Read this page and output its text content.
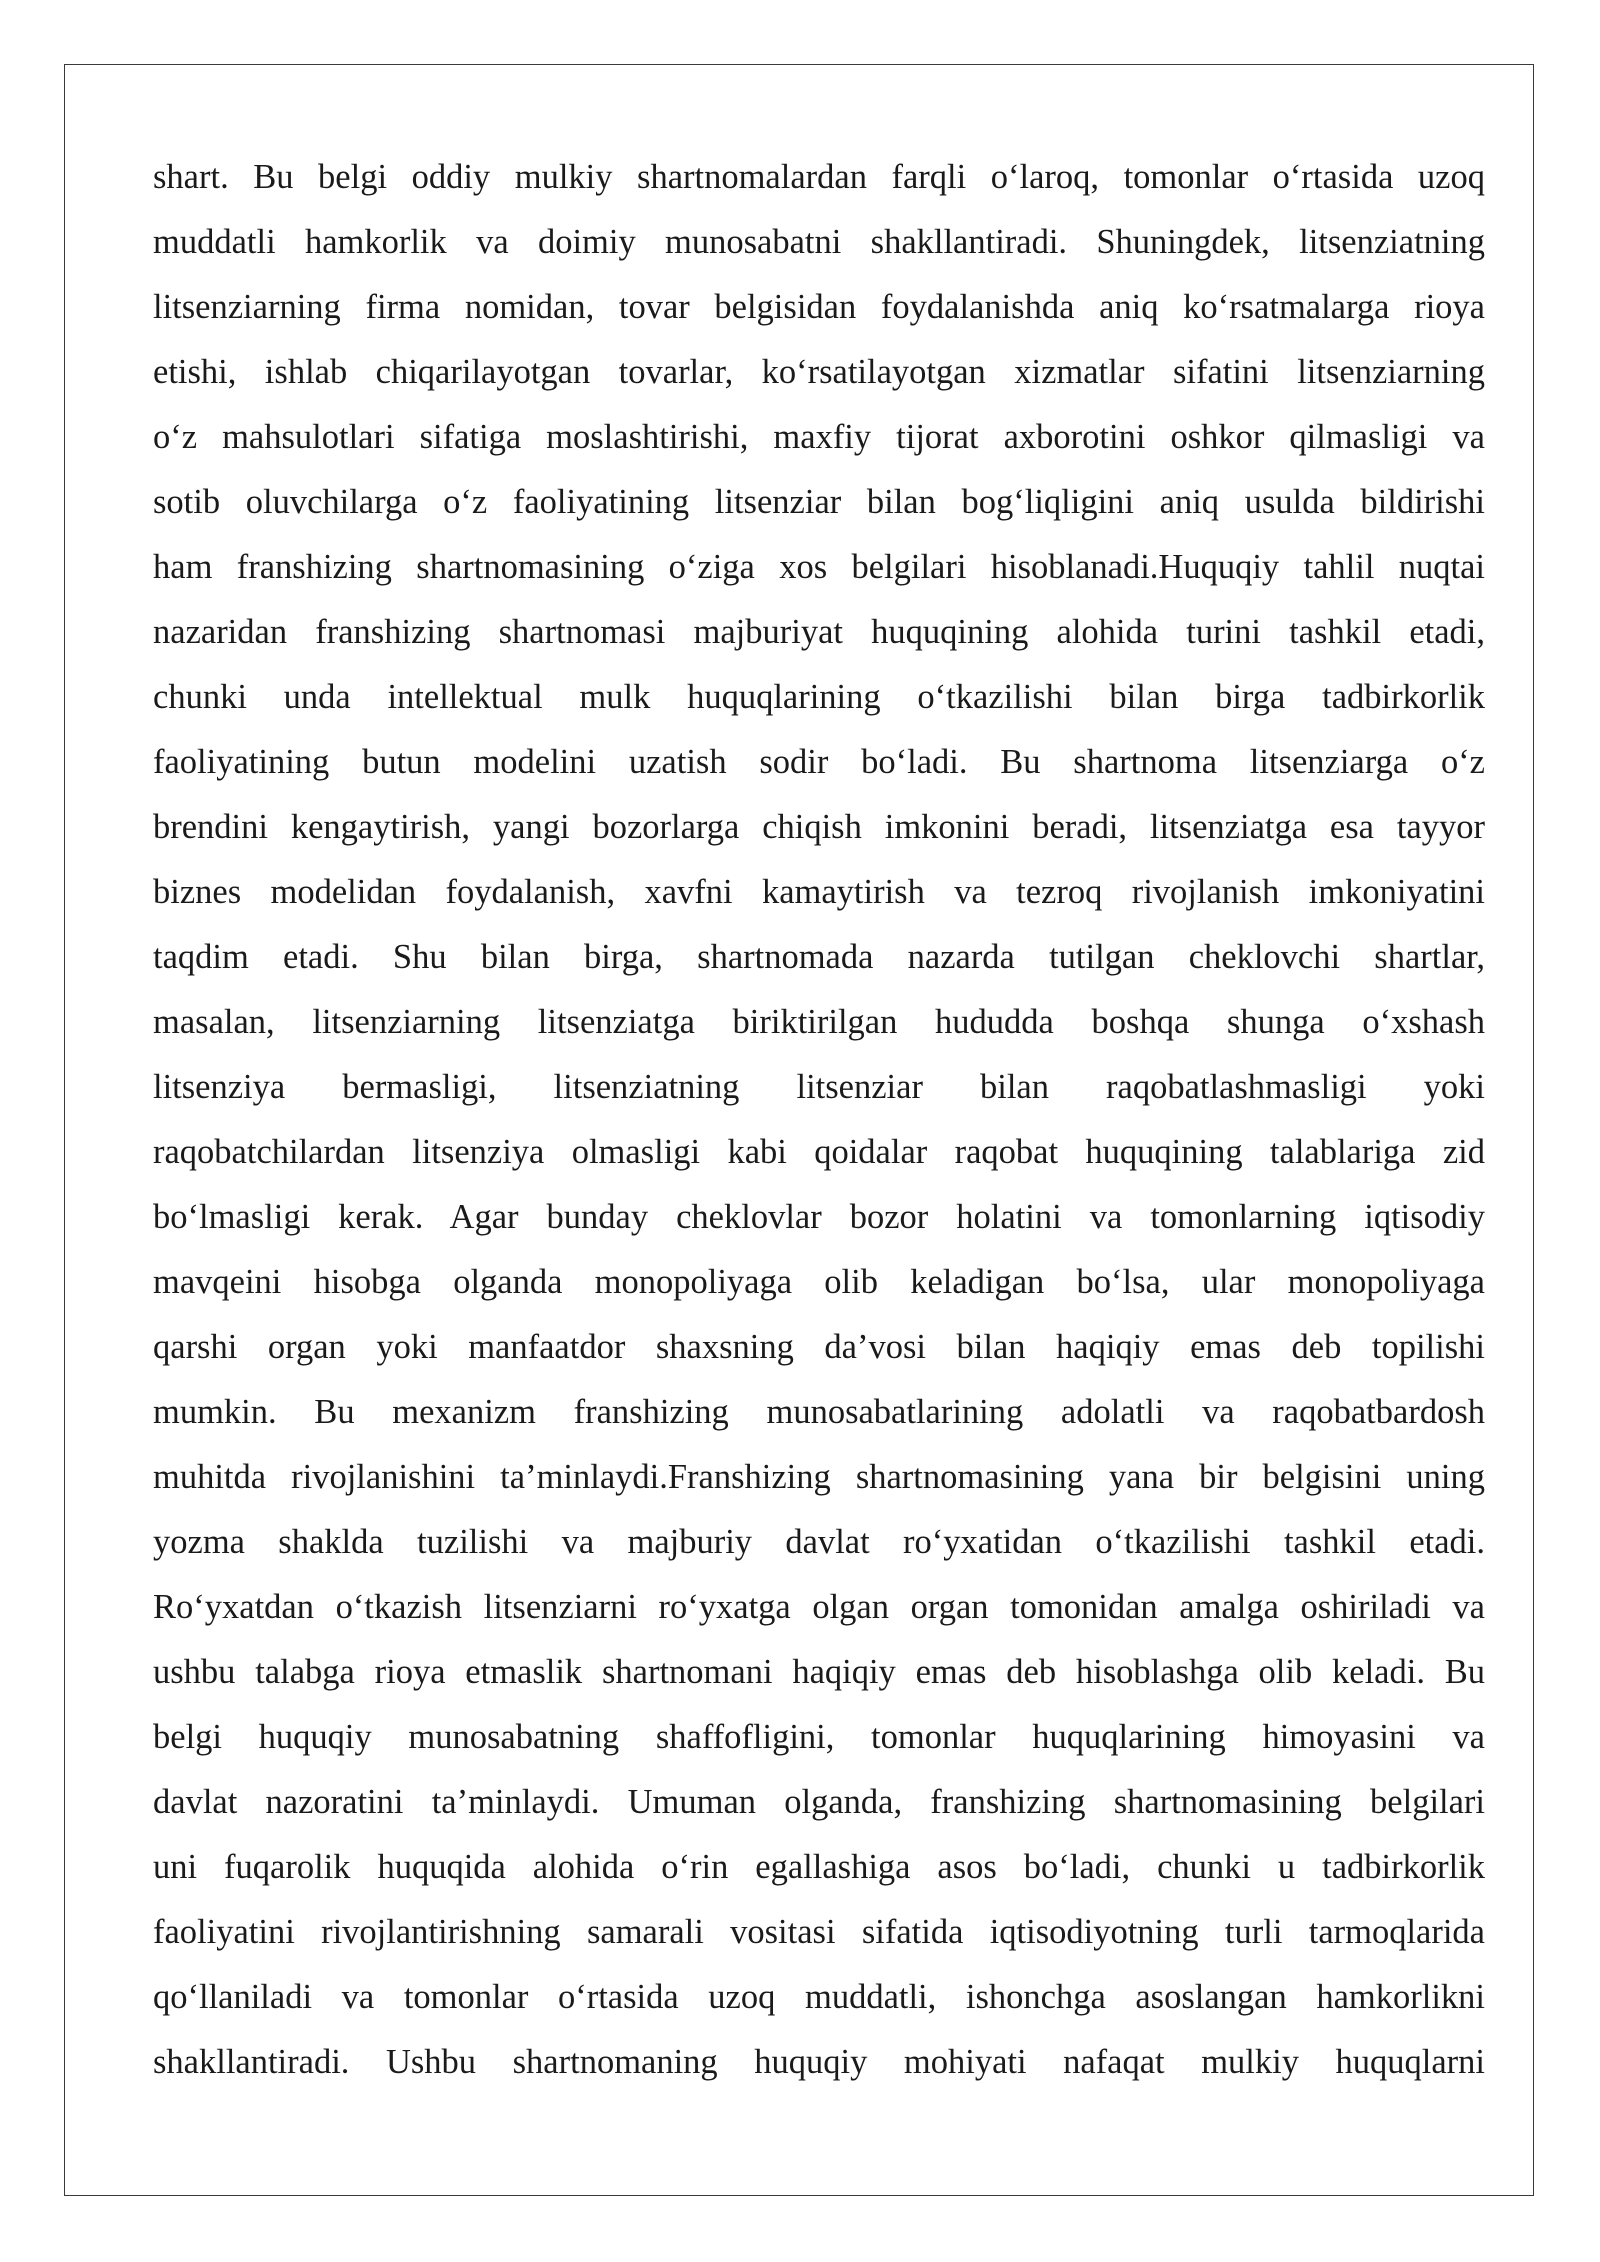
shart. Bu belgi oddiy mulkiy shartnomalardan farqli o‘laroq, tomonlar o‘rtasida uzoq
muddatli hamkorlik va doimiy munosabatni shakllantiradi. Shuningdek, litsenziatning
litsenziarning firma nomidan, tovar belgisidan foydalanishda aniq ko‘rsatmalarga rioya
etishi, ishlab chiqarilayotgan tovarlar, ko‘rsatilayotgan xizmatlar sifatini litsenziarning
o‘z mahsulotlari sifatiga moslashtirishi, maxfiy tijorat axborotini oshkor qilmasligi va
sotib oluvchilarga o‘z faoliyatining litsenziar bilan bog‘liqligini aniq usulda bildirishi
ham franshizing shartnomasining o‘ziga xos belgilari hisoblanadi.Huquqiy tahlil nuqtai
nazaridan franshizing shartnomasi majburiyat huquqining alohida turini tashkil etadi,
chunki unda intellektual mulk huquqlarining o‘tkazilishi bilan birga tadbirkorlik
faoliyatining butun modelini uzatish sodir bo‘ladi. Bu shartnoma litsenziarga o‘z
brendini kengaytirish, yangi bozorlarga chiqish imkonini beradi, litsenziatga esa tayyor
biznes modelidan foydalanish, xavfni kamaytirish va tezroq rivojlanish imkoniyatini
taqdim etadi. Shu bilan birga, shartnomada nazarda tutilgan cheklovchi shartlar,
masalan, litsenziarning litsenziatga biriktirilgan hududda boshqa shunga o‘xshash
litsenziya bermasligi, litsenziatning litsenziar bilan raqobatlashmasligi yoki
raqobatchilardan litsenziya olmasligi kabi qoidalar raqobat huquqining talablariga zid
bo‘lmasligi kerak. Agar bunday cheklovlar bozor holatini va tomonlarning iqtisodiy
mavqeini hisobga olganda monopoliyaga olib keladigan bo‘lsa, ular monopoliyaga
qarshi organ yoki manfaatdor shaxsning da’vosi bilan haqiqiy emas deb topilishi
mumkin. Bu mexanizm franshizing munosabatlarining adolatli va raqobatbardosh
muhitda rivojlanishini ta’minlaydi.Franshizing shartnomasining yana bir belgisini uning
yozma shaklda tuzilishi va majburiy davlat ro‘yxatidan o‘tkazilishi tashkil etadi.
Ro‘yxatdan o‘tkazish litsenziarni ro‘yxatga olgan organ tomonidan amalga oshiriladi va
ushbu talabga rioya etmaslik shartnomani haqiqiy emas deb hisoblashga olib keladi. Bu
belgi huquqiy munosabatning shaffofligini, tomonlar huquqlarining himoyasini va
davlat nazoratini ta’minlaydi. Umuman olganda, franshizing shartnomasining belgilari
uni fuqarolik huquqida alohida o‘rin egallashiga asos bo‘ladi, chunki u tadbirkorlik
faoliyatini rivojlantirishning samarali vositasi sifatida iqtisodiyotning turli tarmoqlarida
qo‘llaniladi va tomonlar o‘rtasida uzoq muddatli, ishonchga asoslangan hamkorlikni
shakllantiradi. Ushbu shartnomaning huquqiy mohiyati nafaqat mulkiy huquqlarni
